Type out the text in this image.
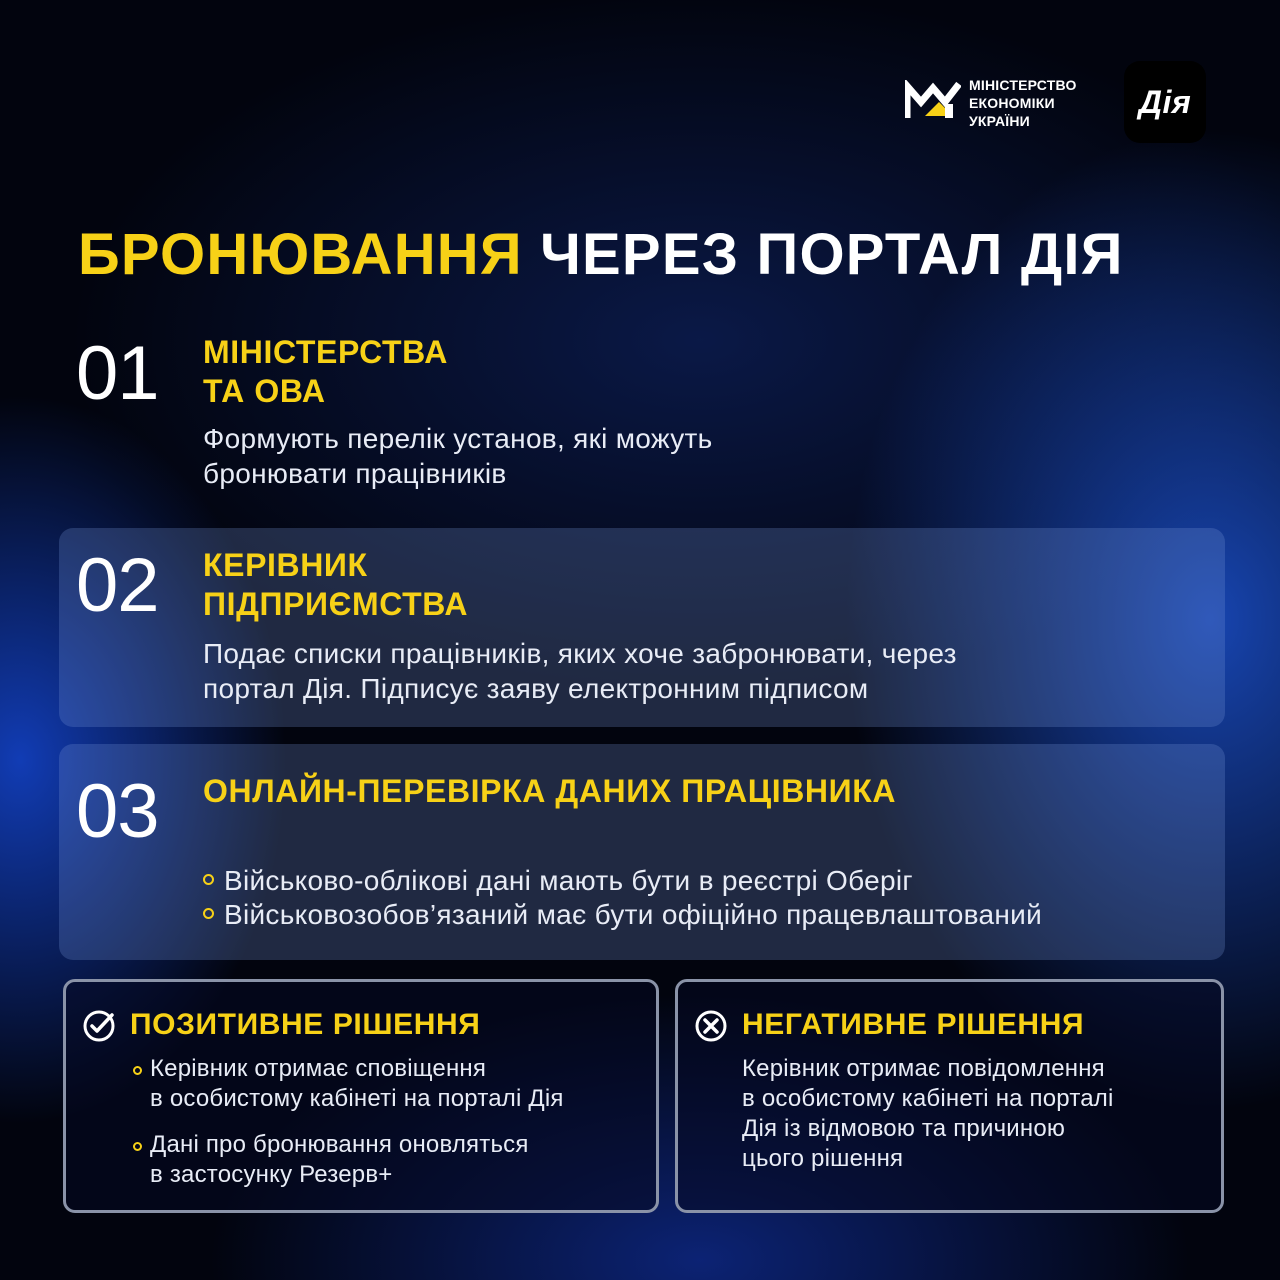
МІНІСТЕРСТВО
ЕКОНОМІКИ
УКРАЇНИ
Дія
БРОНЮВАННЯ ЧЕРЕЗ ПОРТАЛ ДІЯ
01 МІНІСТЕРСТВА
ТА ОВА
Формують перелік установ, які можуть
бронювати працівників
02 КЕРІВНИК
ПІДПРИЄМСТВА
Подає списки працівників, яких хоче забронювати, через
портал Дія. Підписує заяву електронним підписом
03 ОНЛАЙН-ПЕРЕВІРКА ДАНИХ ПРАЦІВНИКА
Військово-облікові дані мають бути в реєстрі Оберіг
Військовозобов’язаний має бути офіційно працевлаштований
ПОЗИТИВНЕ РІШЕННЯ
Керівник отримає сповіщення
в особистому кабінеті на порталі Дія
Дані про бронювання оновляться
в застосунку Резерв+
НЕГАТИВНЕ РІШЕННЯ
Керівник отримає повідомлення
в особистому кабінеті на порталі
Дія із відмовою та причиною
цього рішення
